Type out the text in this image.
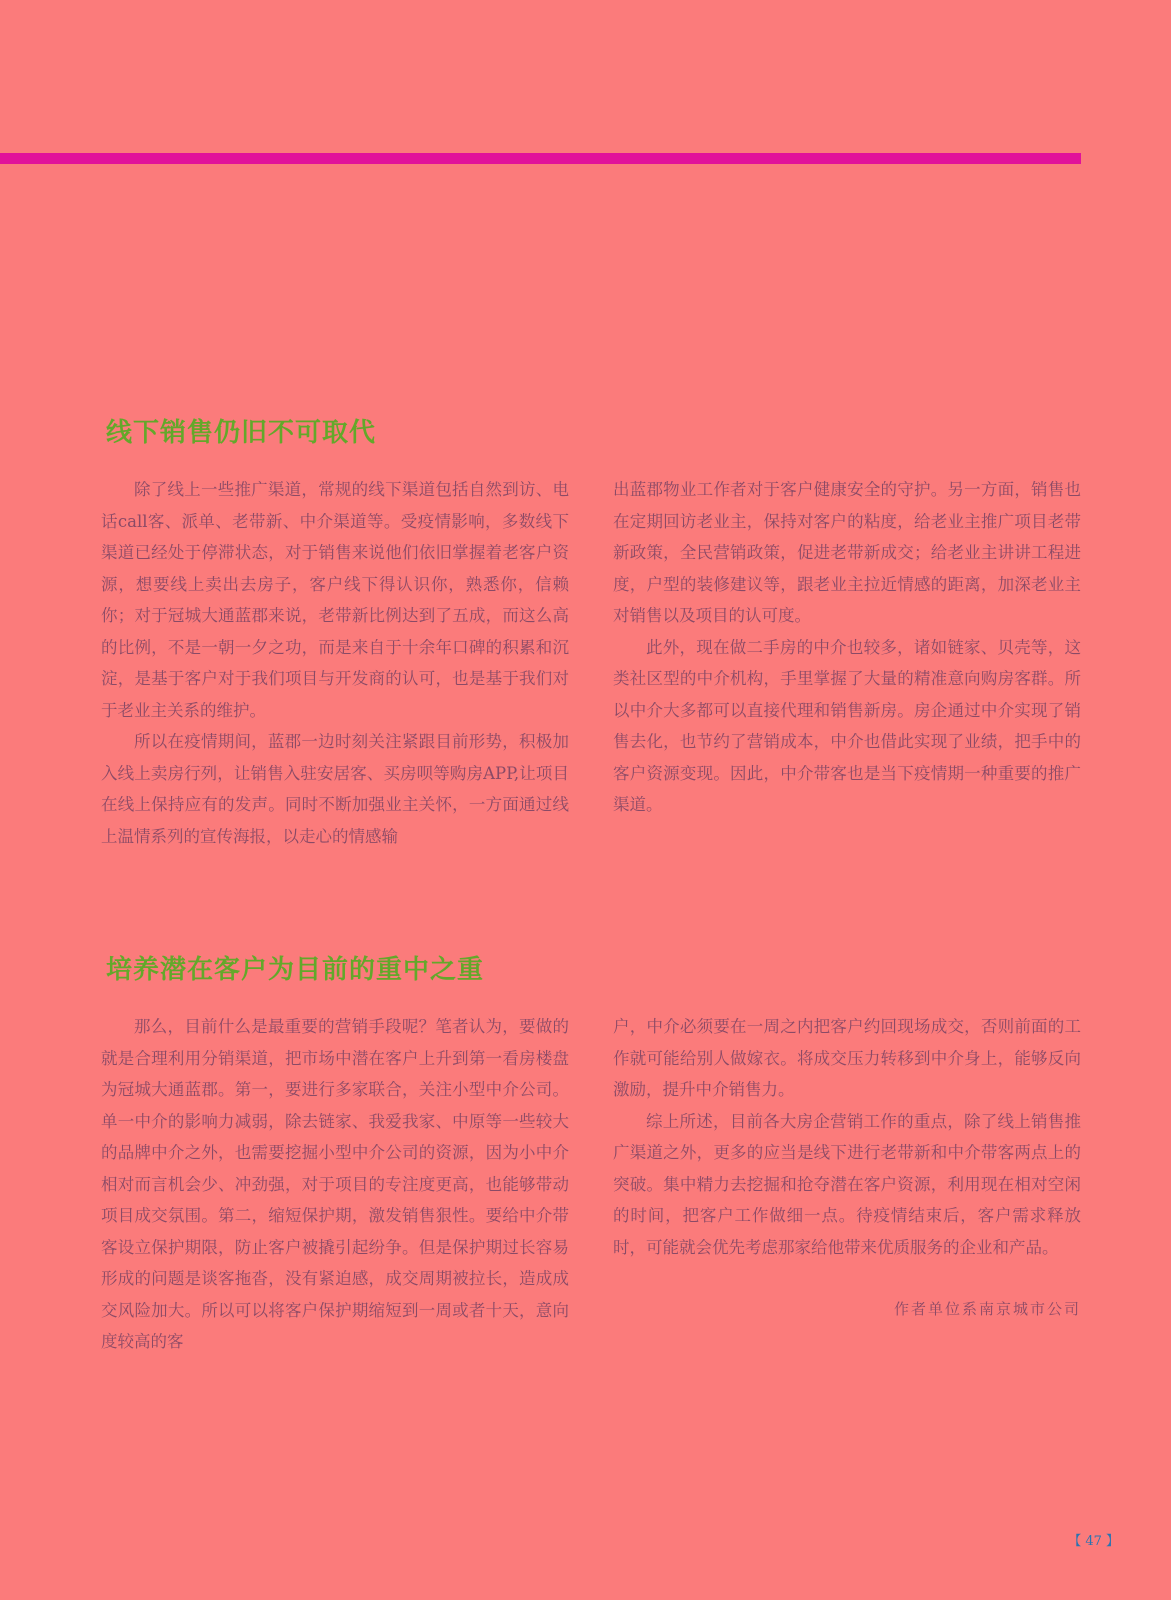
线下销售仍旧不可取代

除了线上一些推广渠道，常规的线下渠道包括自然到访、电话call客、派单、老带新、中介渠道等。受疫情影响，多数线下渠道已经处于停滞状态，对于销售来说他们依旧掌握着老客户资源，想要线上卖出去房子，客户线下得认识你，熟悉你，信赖你；对于冠城大通蓝郡来说，老带新比例达到了五成，而这么高的比例，不是一朝一夕之功，而是来自于十余年口碑的积累和沉淀，是基于客户对于我们项目与开发商的认可，也是基于我们对于老业主关系的维护。

所以在疫情期间，蓝郡一边时刻关注紧跟目前形势，积极加入线上卖房行列，让销售入驻安居客、买房呗等购房APP,让项目在线上保持应有的发声。同时不断加强业主关怀，一方面通过线上温情系列的宣传海报，以走心的情感输

出蓝郡物业工作者对于客户健康安全的守护。另一方面，销售也在定期回访老业主，保持对客户的粘度，给老业主推广项目老带新政策，全民营销政策，促进老带新成交；给老业主讲讲工程进度，户型的装修建议等，跟老业主拉近情感的距离，加深老业主对销售以及项目的认可度。

此外，现在做二手房的中介也较多，诸如链家、贝壳等，这类社区型的中介机构，手里掌握了大量的精准意向购房客群。所以中介大多都可以直接代理和销售新房。房企通过中介实现了销售去化，也节约了营销成本，中介也借此实现了业绩，把手中的客户资源变现。因此，中介带客也是当下疫情期一种重要的推广渠道。

培养潜在客户为目前的重中之重

那么，目前什么是最重要的营销手段呢？笔者认为，要做的就是合理利用分销渠道，把市场中潜在客户上升到第一看房楼盘为冠城大通蓝郡。第一，要进行多家联合，关注小型中介公司。单一中介的影响力减弱，除去链家、我爱我家、中原等一些较大的品牌中介之外，也需要挖掘小型中介公司的资源，因为小中介相对而言机会少、冲劲强，对于项目的专注度更高，也能够带动项目成交氛围。第二，缩短保护期，激发销售狠性。要给中介带客设立保护期限，防止客户被撬引起纷争。但是保护期过长容易形成的问题是谈客拖沓，没有紧迫感，成交周期被拉长，造成成交风险加大。所以可以将客户保护期缩短到一周或者十天，意向度较高的客

户，中介必须要在一周之内把客户约回现场成交，否则前面的工作就可能给别人做嫁衣。将成交压力转移到中介身上，能够反向激励，提升中介销售力。

综上所述，目前各大房企营销工作的重点，除了线上销售推广渠道之外，更多的应当是线下进行老带新和中介带客两点上的突破。集中精力去挖掘和抢夺潜在客户资源，利用现在相对空闲的时间，把客户工作做细一点。待疫情结束后，客户需求释放时，可能就会优先考虑那家给他带来优质服务的企业和产品。

作者单位系南京城市公司
【 47 】
